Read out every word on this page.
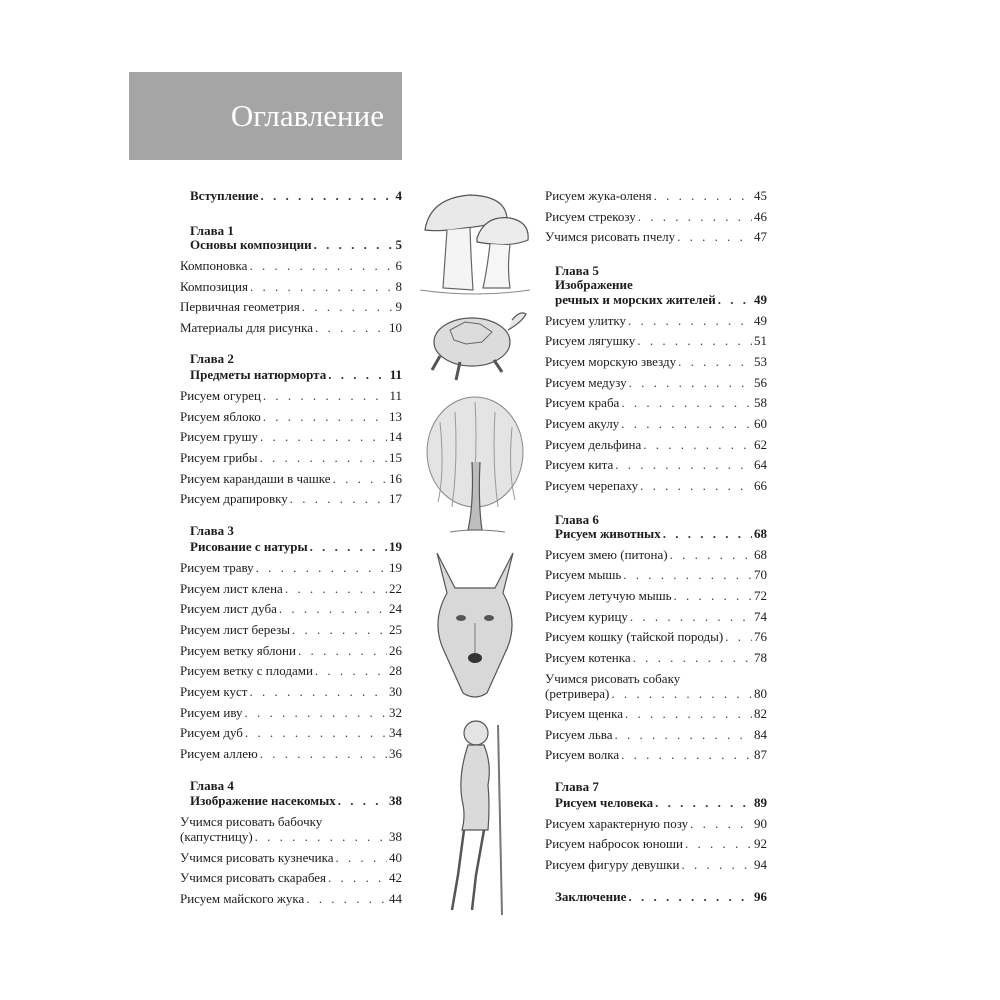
Оглавление
Вступление . . .	4
Глава 1
Основы композиции . . .	5
Компоновка . . .	6
Композиция . . .	8
Первичная геометрия . . .	9
Материалы для рисунка . . .	10
Глава 2
Предметы натюрморта . . .	11
Рисуем огурец . . .	11
Рисуем яблоко . . .	13
Рисуем грушу . . .	14
Рисуем грибы . . .	15
Рисуем карандаши в чашке . . .	16
Рисуем драпировку . . .	17
Глава 3
Рисование с натуры . . .	19
Рисуем траву . . .	19
Рисуем лист клена . . .	22
Рисуем лист дуба . . .	24
Рисуем лист березы . . .	25
Рисуем ветку яблони . . .	26
Рисуем ветку с плодами . . .	28
Рисуем куст . . .	30
Рисуем иву . . .	32
Рисуем дуб . . .	34
Рисуем аллею . . .	36
Глава 4
Изображение насекомых . . .	38
Учимся рисовать бабочку
(капустницу) . . .	38
Учимся рисовать кузнечика . . .	40
Учимся рисовать скарабея . . .	42
Рисуем майского жука . . .	44
Рисуем жука-оленя . . .	45
Рисуем стрекозу . . .	46
Учимся рисовать пчелу . . .	47
Глава 5
Изображение
речных и морских жителей . . .	49
Рисуем улитку . . .	49
Рисуем лягушку . . .	51
Рисуем морскую звезду . . .	53
Рисуем медузу . . .	56
Рисуем краба . . .	58
Рисуем акулу . . .	60
Рисуем дельфина . . .	62
Рисуем кита . . .	64
Рисуем черепаху . . .	66
Глава 6
Рисуем животных . . .	68
Рисуем змею (питона) . . .	68
Рисуем мышь . . .	70
Рисуем летучую мышь . . .	72
Рисуем курицу . . .	74
Рисуем кошку (тайской породы) . . . 76
Рисуем котенка . . .	78
Учимся рисовать собаку
(ретривера) . . .	80
Рисуем щенка . . .	82
Рисуем льва . . .	84
Рисуем волка . . .	87
Глава 7
Рисуем человека . . .	89
Рисуем характерную позу . . .	90
Рисуем набросок юноши . . .	92
Рисуем фигуру девушки . . .	94
Заключение . . .	96
